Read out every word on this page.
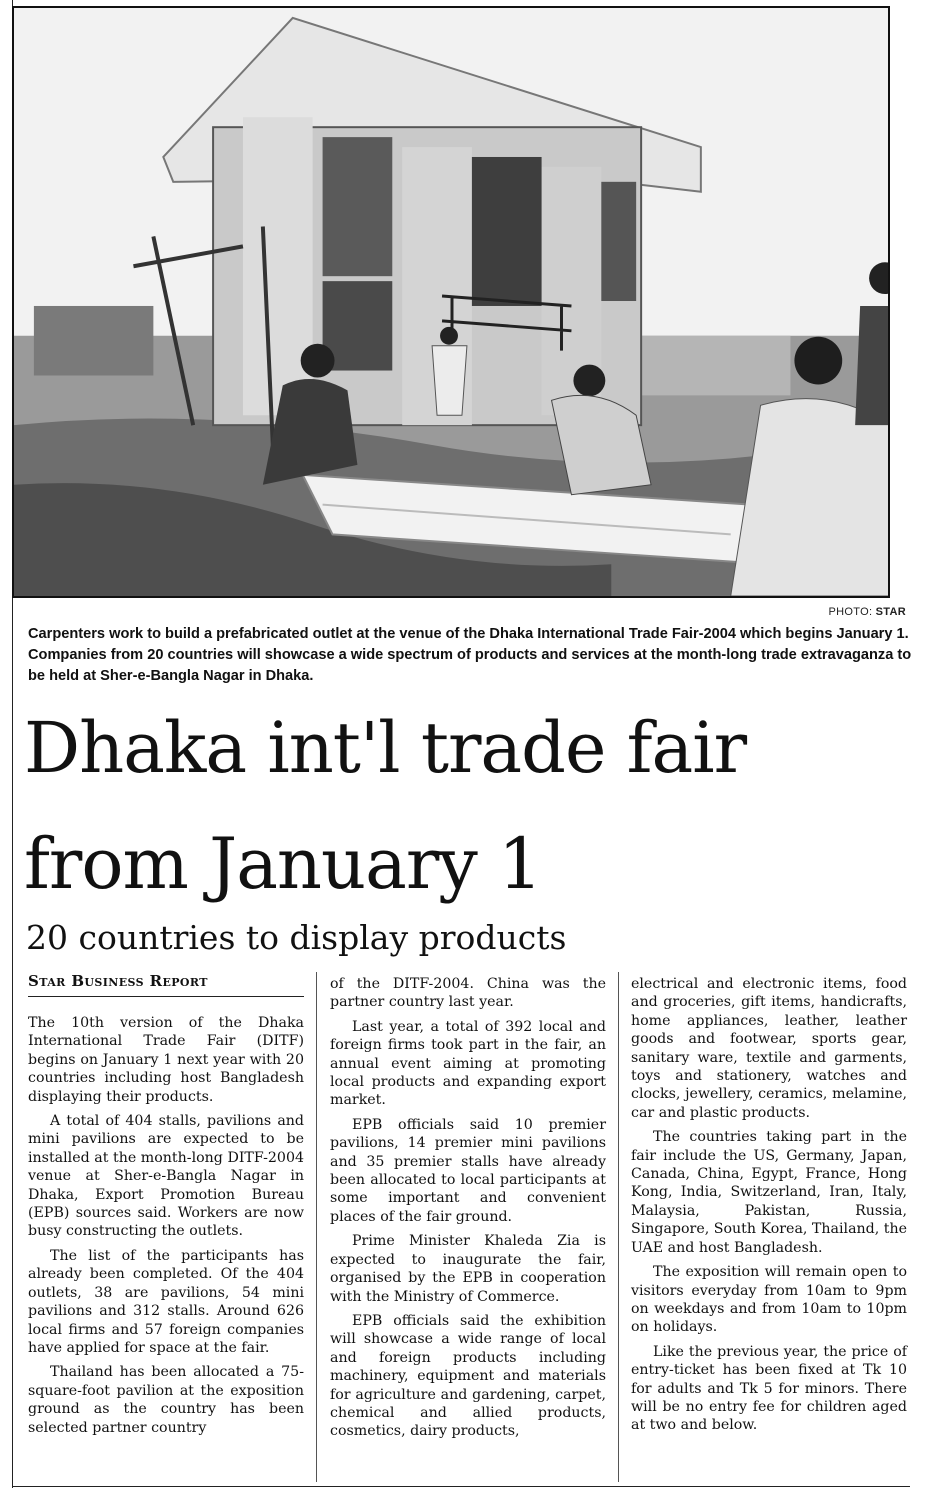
PHOTO: STAR
Carpenters work to build a prefabricated outlet at the venue of the Dhaka International Trade Fair-2004 which begins January 1. Companies from 20 countries will showcase a wide spectrum of products and services at the month-long trade extravaganza to be held at Sher-e-Bangla Nagar in Dhaka.
Dhaka int'l trade fair
from January 1
20 countries to display products
Star Business Report

The 10th version of the Dhaka International Trade Fair (DITF) begins on January 1 next year with 20 countries including host Bangladesh displaying their products.

A total of 404 stalls, pavilions and mini pavilions are expected to be installed at the month-long DITF-2004 venue at Sher-e-Bangla Nagar in Dhaka, Export Promotion Bureau (EPB) sources said. Workers are now busy constructing the outlets.

The list of the participants has already been completed. Of the 404 outlets, 38 are pavilions, 54 mini pavilions and 312 stalls. Around 626 local firms and 57 foreign companies have applied for space at the fair.

Thailand has been allocated a 75-square-foot pavilion at the exposition ground as the country has been selected partner country

of the DITF-2004. China was the partner country last year.

Last year, a total of 392 local and foreign firms took part in the fair, an annual event aiming at promoting local products and expanding export market.

EPB officials said 10 premier pavilions, 14 premier mini pavilions and 35 premier stalls have already been allocated to local participants at some important and convenient places of the fair ground.

Prime Minister Khaleda Zia is expected to inaugurate the fair, organised by the EPB in cooperation with the Ministry of Commerce.

EPB officials said the exhibition will showcase a wide range of local and foreign products including machinery, equipment and materials for agriculture and gardening, carpet, chemical and allied products, cosmetics, dairy products,

electrical and electronic items, food and groceries, gift items, handicrafts, home appliances, leather, leather goods and footwear, sports gear, sanitary ware, textile and garments, toys and stationery, watches and clocks, jewellery, ceramics, melamine, car and plastic products.

The countries taking part in the fair include the US, Germany, Japan, Canada, China, Egypt, France, Hong Kong, India, Switzerland, Iran, Italy, Malaysia, Pakistan, Russia, Singapore, South Korea, Thailand, the UAE and host Bangladesh.

The exposition will remain open to visitors everyday from 10am to 9pm on weekdays and from 10am to 10pm on holidays.

Like the previous year, the price of entry-ticket has been fixed at Tk 10 for adults and Tk 5 for minors. There will be no entry fee for children aged at two and below.
